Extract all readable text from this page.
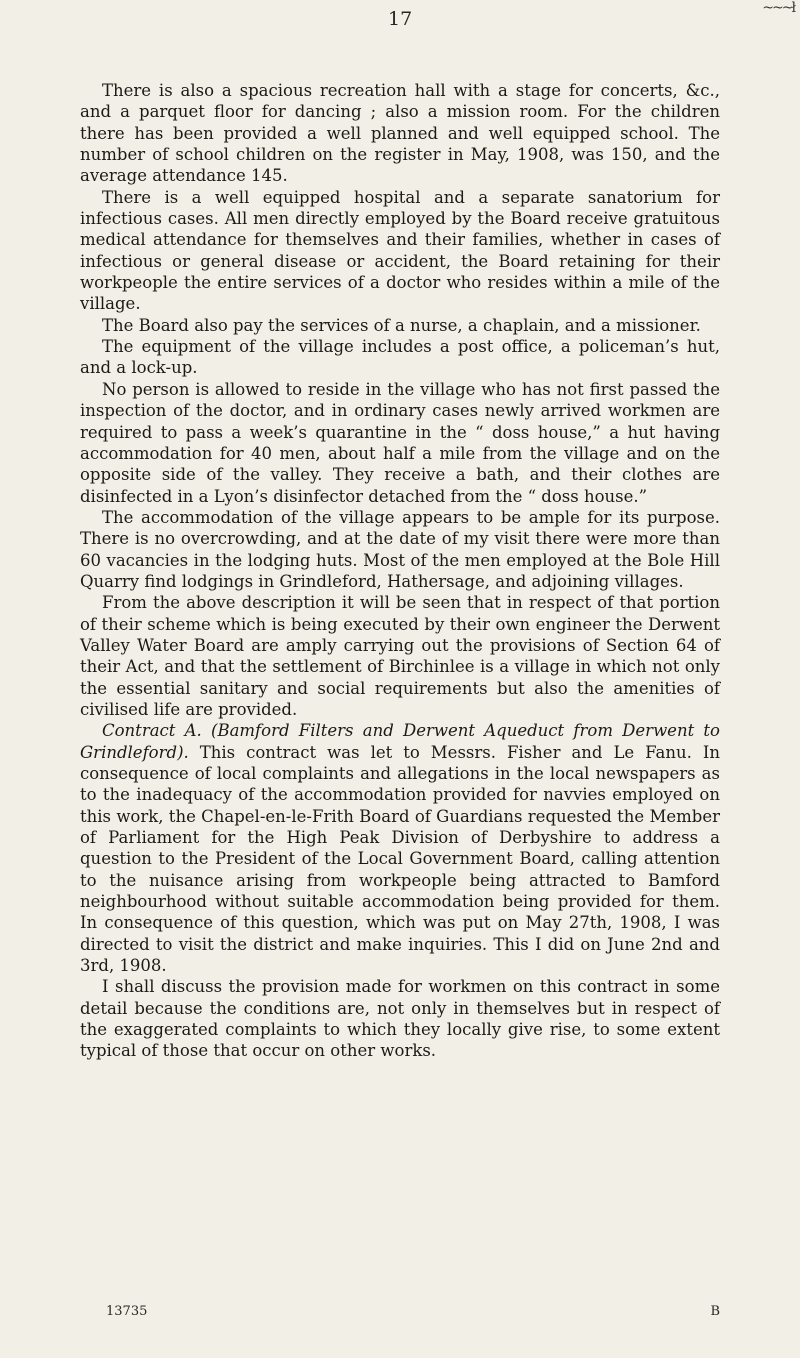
~~~ł
17

There is also a spacious recreation hall with a stage for concerts, &c., and a parquet floor for dancing ; also a mission room. For the children there has been provided a well planned and well equipped school. The number of school children on the register in May, 1908, was 150, and the average attendance 145.

There is a well equipped hospital and a separate sanatorium for infectious cases. All men directly employed by the Board receive gratuitous medical attendance for themselves and their families, whether in cases of infectious or general disease or accident, the Board retaining for their workpeople the entire services of a doctor who resides within a mile of the village.

The Board also pay the services of a nurse, a chaplain, and a missioner.

The equipment of the village includes a post office, a policeman’s hut, and a lock-up.

No person is allowed to reside in the village who has not first passed the inspection of the doctor, and in ordinary cases newly arrived workmen are required to pass a week’s quarantine in the “ doss house,” a hut having accommodation for 40 men, about half a mile from the village and on the opposite side of the valley. They receive a bath, and their clothes are disinfected in a Lyon’s disinfector detached from the “ doss house.”

The accommodation of the village appears to be ample for its purpose. There is no overcrowding, and at the date of my visit there were more than 60 vacancies in the lodging huts. Most of the men employed at the Bole Hill Quarry find lodgings in Grindleford, Hathersage, and adjoining villages.

From the above description it will be seen that in respect of that portion of their scheme which is being executed by their own engineer the Derwent Valley Water Board are amply carrying out the provisions of Section 64 of their Act, and that the settlement of Birchinlee is a village in which not only the essential sanitary and social requirements but also the amenities of civilised life are provided.

Contract A. (Bamford Filters and Derwent Aqueduct from Derwent to Grindleford). This contract was let to Messrs. Fisher and Le Fanu. In consequence of local complaints and allegations in the local newspapers as to the inadequacy of the accommodation provided for navvies employed on this work, the Chapel-en-le-Frith Board of Guardians requested the Member of Parliament for the High Peak Division of Derbyshire to address a question to the President of the Local Government Board, calling attention to the nuisance arising from workpeople being attracted to Bamford neighbourhood without suitable accommodation being provided for them. In consequence of this question, which was put on May 27th, 1908, I was directed to visit the district and make inquiries. This I did on June 2nd and 3rd, 1908.

I shall discuss the provision made for workmen on this contract in some detail because the conditions are, not only in themselves but in respect of the exaggerated complaints to which they locally give rise, to some extent typical of those that occur on other works.

13735	B
